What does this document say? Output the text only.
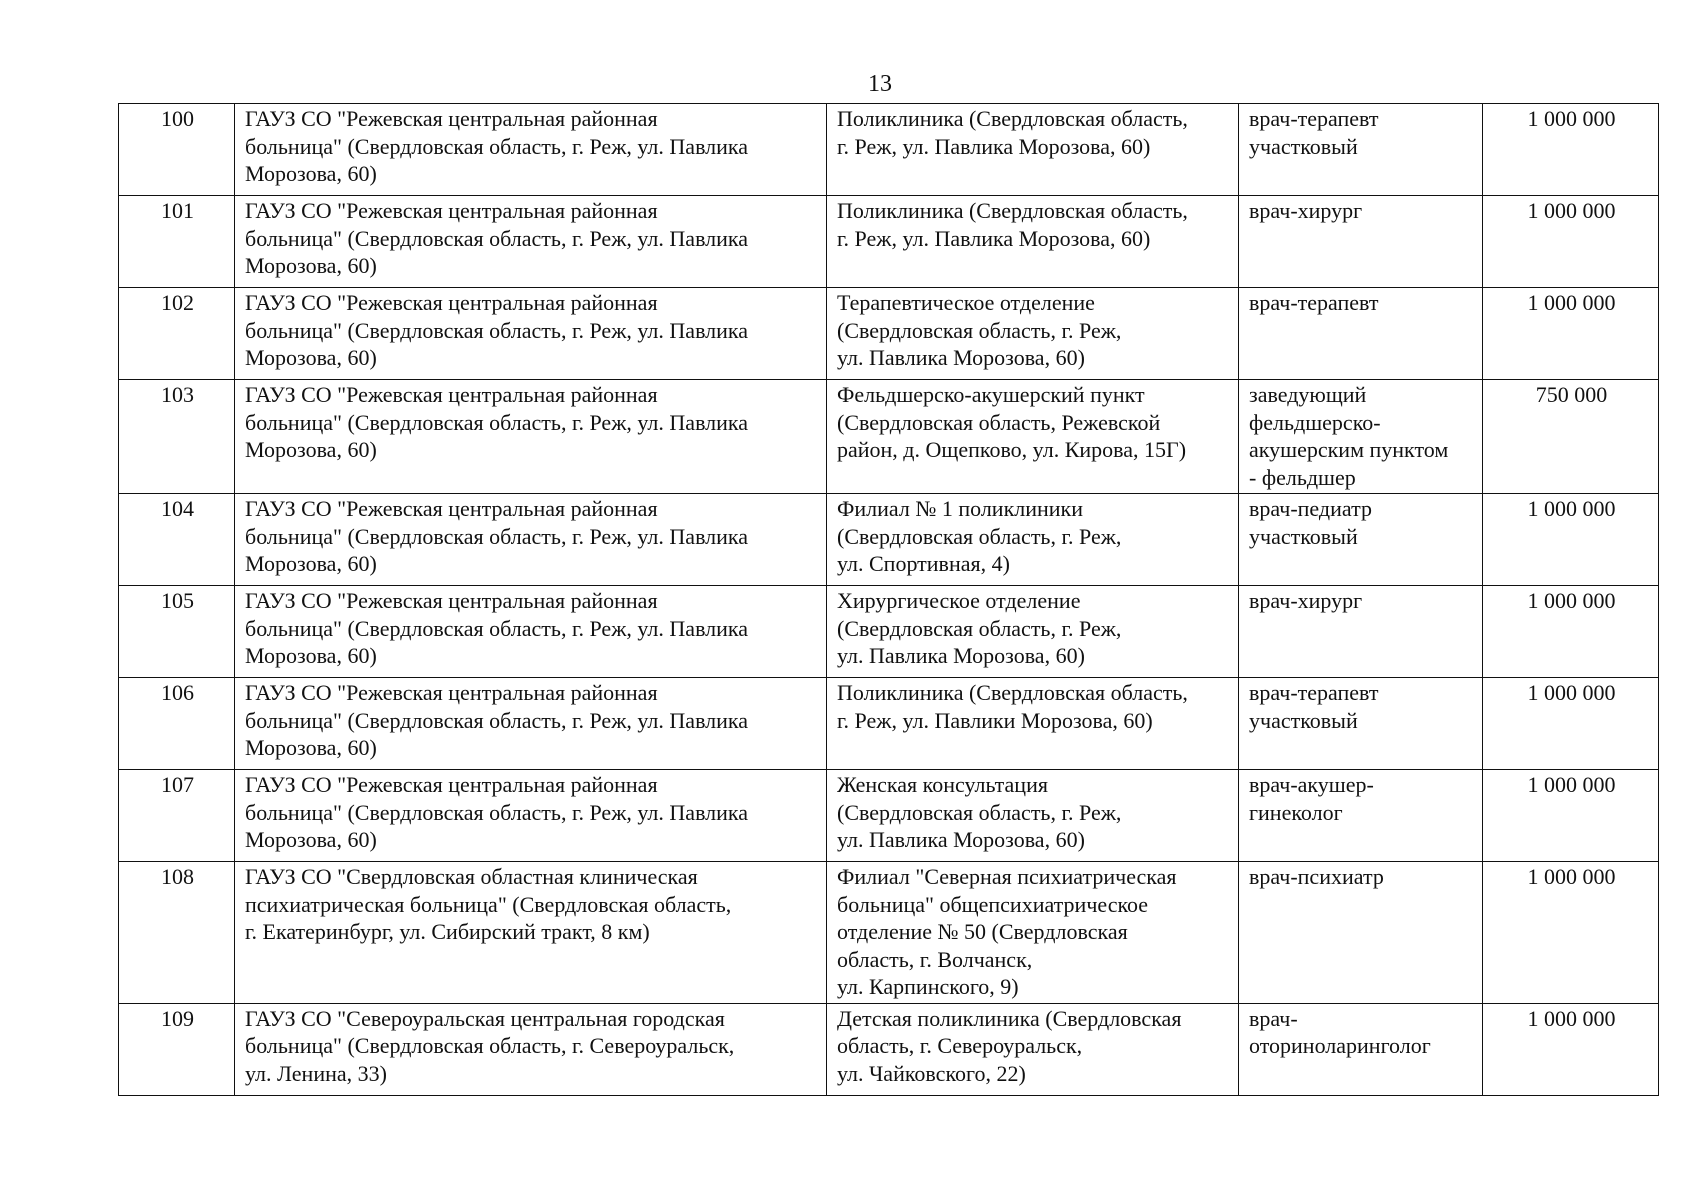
13
100	ГАУЗ СО "Режевская центральная районная
больница" (Свердловская область, г. Реж, ул. Павлика
Морозова, 60)	Поликлиника (Свердловская область,
г. Реж, ул. Павлика Морозова, 60)	врач-терапевт
участковый	1 000 000
101	ГАУЗ СО "Режевская центральная районная
больница" (Свердловская область, г. Реж, ул. Павлика
Морозова, 60)	Поликлиника (Свердловская область,
г. Реж, ул. Павлика Морозова, 60)	врач-хирург	1 000 000
102	ГАУЗ СО "Режевская центральная районная
больница" (Свердловская область, г. Реж, ул. Павлика
Морозова, 60)	Терапевтическое отделение
(Свердловская область, г. Реж,
ул. Павлика Морозова, 60)	врач-терапевт	1 000 000
103	ГАУЗ СО "Режевская центральная районная
больница" (Свердловская область, г. Реж, ул. Павлика
Морозова, 60)	Фельдшерско-акушерский пункт
(Свердловская область, Режевской
район, д. Ощепково, ул. Кирова, 15Г)	заведующий
фельдшерско-
акушерским пунктом
- фельдшер	750 000
104	ГАУЗ СО "Режевская центральная районная
больница" (Свердловская область, г. Реж, ул. Павлика
Морозова, 60)	Филиал № 1 поликлиники
(Свердловская область, г. Реж,
ул. Спортивная, 4)	врач-педиатр
участковый	1 000 000
105	ГАУЗ СО "Режевская центральная районная
больница" (Свердловская область, г. Реж, ул. Павлика
Морозова, 60)	Хирургическое отделение
(Свердловская область, г. Реж,
ул. Павлика Морозова, 60)	врач-хирург	1 000 000
106	ГАУЗ СО "Режевская центральная районная
больница" (Свердловская область, г. Реж, ул. Павлика
Морозова, 60)	Поликлиника (Свердловская область,
г. Реж, ул. Павлики Морозова, 60)	врач-терапевт
участковый	1 000 000
107	ГАУЗ СО "Режевская центральная районная
больница" (Свердловская область, г. Реж, ул. Павлика
Морозова, 60)	Женская консультация
(Свердловская область, г. Реж,
ул. Павлика Морозова, 60)	врач-акушер-
гинеколог	1 000 000
108	ГАУЗ СО "Свердловская областная клиническая
психиатрическая больница" (Свердловская область,
г. Екатеринбург, ул. Сибирский тракт, 8 км)	Филиал "Северная психиатрическая
больница" общепсихиатрическое
отделение № 50 (Свердловская
область, г. Волчанск,
ул. Карпинского, 9)	врач-психиатр	1 000 000
109	ГАУЗ СО "Североуральская центральная городская
больница" (Свердловская область, г. Североуральск,
ул. Ленина, 33)	Детская поликлиника (Свердловская
область, г. Североуральск,
ул. Чайковского, 22)	врач-
оториноларинголог	1 000 000
